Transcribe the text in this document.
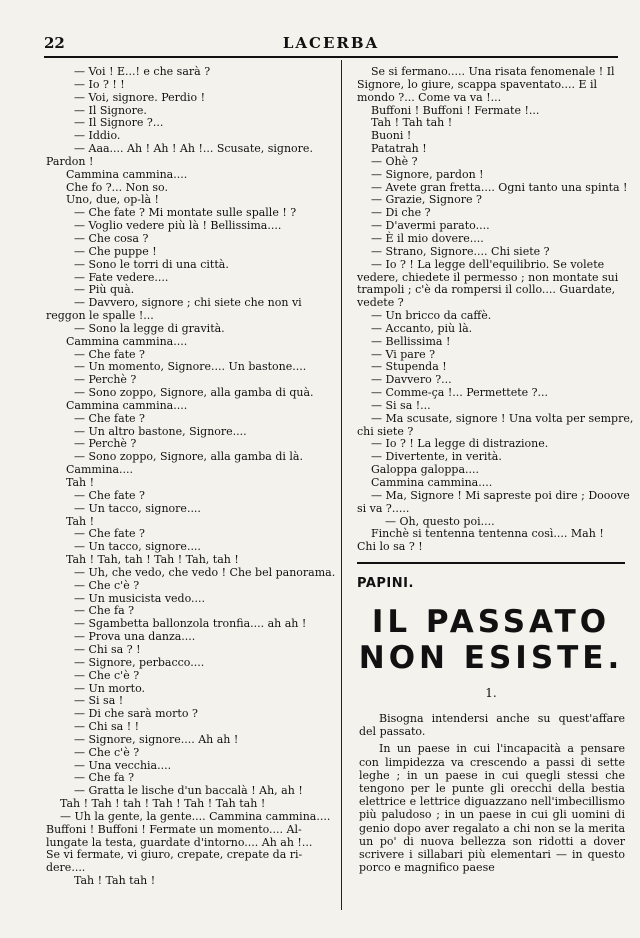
22	LACERBA

— Voi ! E...! e che sarà ?

— Io ? ! !

— Voi, signore. Perdio !

— Il Signore.

— Il Signore ?...

— Iddio.

— Aaa.... Ah ! Ah ! Ah !... Scusate, signore.

Pardon !

Cammina cammina....

Che fo ?... Non so.

Uno, due, op-là !

— Che fate ? Mi montate sulle spalle ! ?

— Voglio vedere più là ! Bellissima....

— Che cosa ?

— Che puppe !

— Sono le torri di una città.

— Fate vedere....

— Più quà.

— Davvero, signore ; chi siete che non vi

reggon le spalle !...

— Sono la legge di gravità.

Cammina cammina....

— Che fate ?

— Un momento, Signore.... Un bastone....

— Perchè ?

— Sono zoppo, Signore, alla gamba di quà.

Cammina cammina....

— Che fate ?

— Un altro bastone, Signore....

— Perchè ?

— Sono zoppo, Signore, alla gamba di là.

Cammina....

Tah !

— Che fate ?

— Un tacco, signore....

Tah !

— Che fate ?

— Un tacco, signore....

Tah ! Tah, tah ! Tah ! Tah, tah !

— Uh, che vedo, che vedo ! Che bel panorama.

— Che c'è ?

— Un musicista vedo....

— Che fa ?

— Sgambetta ballonzola tronfia.... ah ah !

— Prova una danza....

— Chi sa ? !

— Signore, perbacco....

— Che c'è ?

— Un morto.

— Si sa !

— Di che sarà morto ?

— Chi sa ! !

— Signore, signore.... Ah ah !

— Che c'è ?

— Una vecchia....

— Che fa ?

— Gratta le lische d'un baccalà ! Ah, ah !

Tah ! Tah ! tah ! Tah ! Tah ! Tah tah !

— Uh la gente, la gente.... Cammina cammina....

Buffoni ! Buffoni ! Fermate un momento.... Al-

lungate la testa, guardate d'intorno.... Ah ah !...

Se vi fermate, vi giuro, crepate, crepate da ri-

dere....

Tah ! Tah tah !

Se si fermano..... Una risata fenomenale ! Il

Signore, lo giure, scappa spaventato.... E il

mondo ?... Come va va !...

Buffoni ! Buffoni ! Fermate !...

Tah ! Tah tah !

Buoni !

Patatrah !

— Ohè ?

— Signore, pardon !

— Avete gran fretta.... Ogni tanto una spinta !

— Grazie, Signore ?

— Di che ?

— D'avermi parato....

— È il mio dovere....

— Strano, Signore.... Chi siete ?

— Io ? ! La legge dell'equilibrio. Se volete

vedere, chiedete il permesso ; non montate sui

trampoli ; c'è da rompersi il collo.... Guardate,

vedete ?

— Un bricco da caffè.

— Accanto, più là.

— Bellissima !

— Vi pare ?

— Stupenda !

— Davvero ?...

— Comme-ça !... Permettete ?...

— Si sa !...

— Ma scusate, signore ! Una volta per sempre,

chi siete ?

— Io ? ! La legge di distrazione.

— Divertente, in verità.

Galoppa galoppa....

Cammina cammina....

— Ma, Signore ! Mi sapreste poi dire ; Dooove

si va ?.....

— Oh, questo poi....

Finchè si tentenna tentenna così.... Mah !

Chi lo sa ? !

PAPINI.
IL PASSATO
NON ESISTE.
1.

Bisogna intendersi anche su quest'affare del passato.

In un paese in cui l'incapacità a pensare con limpidezza va crescendo a passi di sette leghe ; in un paese in cui quegli stessi che tengono per le punte gli orecchi della bestia elettrice e lettrice diguazzano nell'imbecillismo più paludoso ; in un paese in cui gli uomini di genio dopo aver regalato a chi non se la merita un po' di nuova bellezza son ridotti a dover scrivere i sillabari più elementari — in questo porco e magnifico paese
